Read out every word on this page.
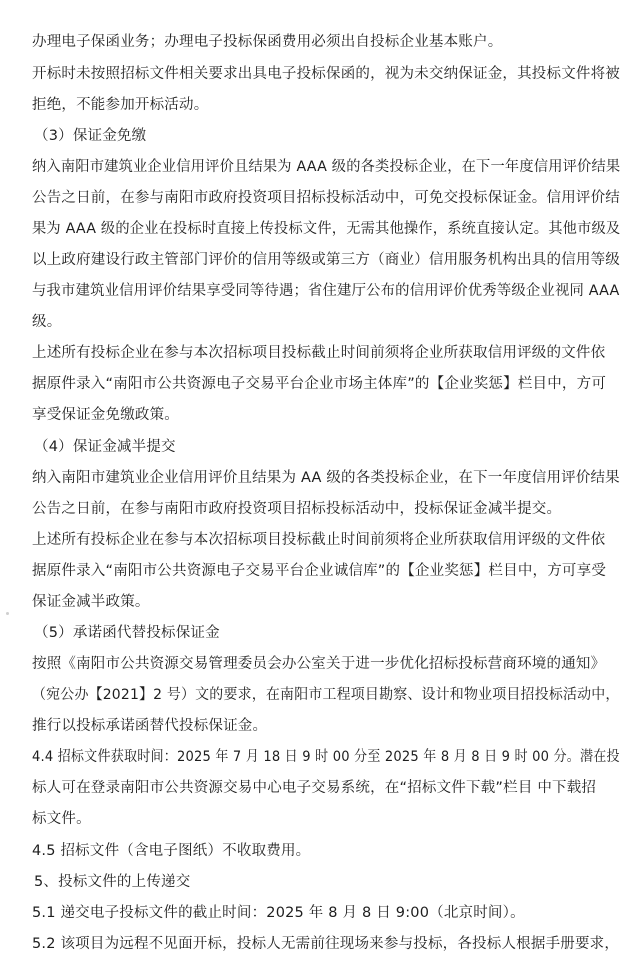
办理电子保函业务；办理电子投标保函费用必须出自投标企业基本账户。
开标时未按照招标文件相关要求出具电子投标保函的，视为未交纳保证金，其投标文件将被
拒绝，不能参加开标活动。
（3）保证金免缴
纳入南阳市建筑业企业信用评价且结果为 AAA 级的各类投标企业，在下一年度信用评价结果
公告之日前，在参与南阳市政府投资项目招标投标活动中，可免交投标保证金。信用评价结
果为 AAA 级的企业在投标时直接上传投标文件，无需其他操作，系统直接认定。其他市级及
以上政府建设行政主管部门评价的信用等级或第三方（商业）信用服务机构出具的信用等级
与我市建筑业信用评价结果享受同等待遇；省住建厅公布的信用评价优秀等级企业视同 AAA
级。
上述所有投标企业在参与本次招标项目投标截止时间前须将企业所获取信用评级的文件依
据原件录入“南阳市公共资源电子交易平台企业市场主体库”的【企业奖惩】栏目中，方可
享受保证金免缴政策。
（4）保证金减半提交
纳入南阳市建筑业企业信用评价且结果为 AA 级的各类投标企业，在下一年度信用评价结果
公告之日前，在参与南阳市政府投资项目招标投标活动中，投标保证金减半提交。
上述所有投标企业在参与本次招标项目投标截止时间前须将企业所获取信用评级的文件依
据原件录入“南阳市公共资源电子交易平台企业诚信库”的【企业奖惩】栏目中，方可享受
保证金减半政策。
（5）承诺函代替投标保证金
按照《南阳市公共资源交易管理委员会办公室关于进一步优化招标投标营商环境的通知》
（宛公办【2021】2 号）文的要求，在南阳市工程项目勘察、设计和物业项目招投标活动中，
推行以投标承诺函替代投标保证金。
4.4 招标文件获取时间：2025 年 7 月 18 日 9 时 00 分至 2025 年 8 月 8 日 9 时 00 分。潜在投
标人可在登录南阳市公共资源交易中心电子交易系统，在“招标文件下载”栏目 中下载招
标文件。
4.5 招标文件（含电子图纸）不收取费用。
5、投标文件的上传递交
5.1 递交电子投标文件的截止时间：2025 年 8 月 8 日 9:00（北京时间）。
5.2 该项目为远程不见面开标，投标人无需前往现场来参与投标，各投标人根据手册要求，
